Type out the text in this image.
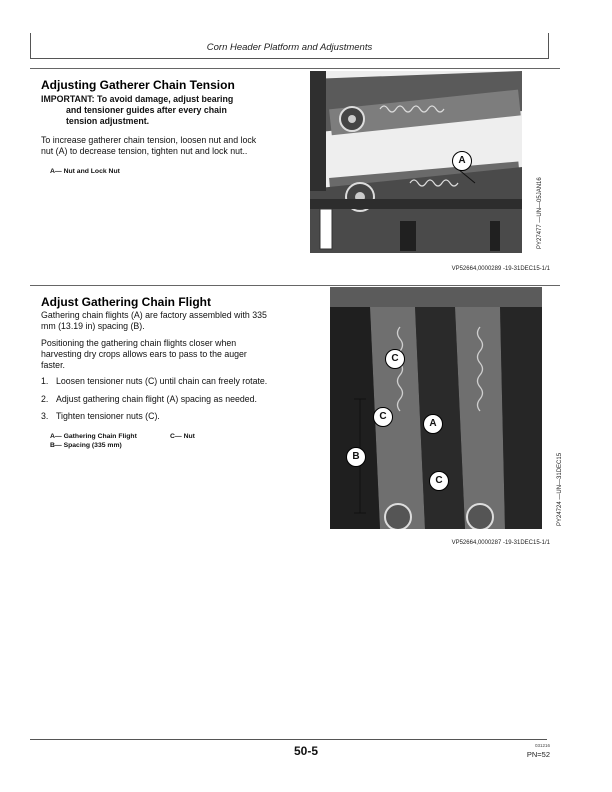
Corn Header Platform and Adjustments
Adjusting Gatherer Chain Tension
IMPORTANT: To avoid damage, adjust bearing
and tensioner guides after every chain
tension adjustment.
To increase gatherer chain tension, loosen nut and lock
nut (A) to decrease tension, tighten nut and lock nut..
A— Nut and Lock Nut
A
PY27477 —UN—05JAN16
VP52664,0000289 -19-31DEC15-1/1
Adjust Gathering Chain Flight
Gathering chain flights (A) are factory assembled with 335
mm (13.19 in) spacing (B).
Positioning the gathering chain flights closer when
harvesting dry crops allows ears to pass to the auger
faster.
1. Loosen tensioner nuts (C) until chain can freely rotate.
2. Adjust gathering chain flight (A) spacing as needed.
3. Tighten tensioner nuts (C).
A— Gathering Chain Flight
B— Spacing (335 mm)
C— Nut
C
C
A
B
C	PY24724 —UN—31DEC15
VP52664,0000287 -19-31DEC15-1/1
50-5	031216
PN=52
